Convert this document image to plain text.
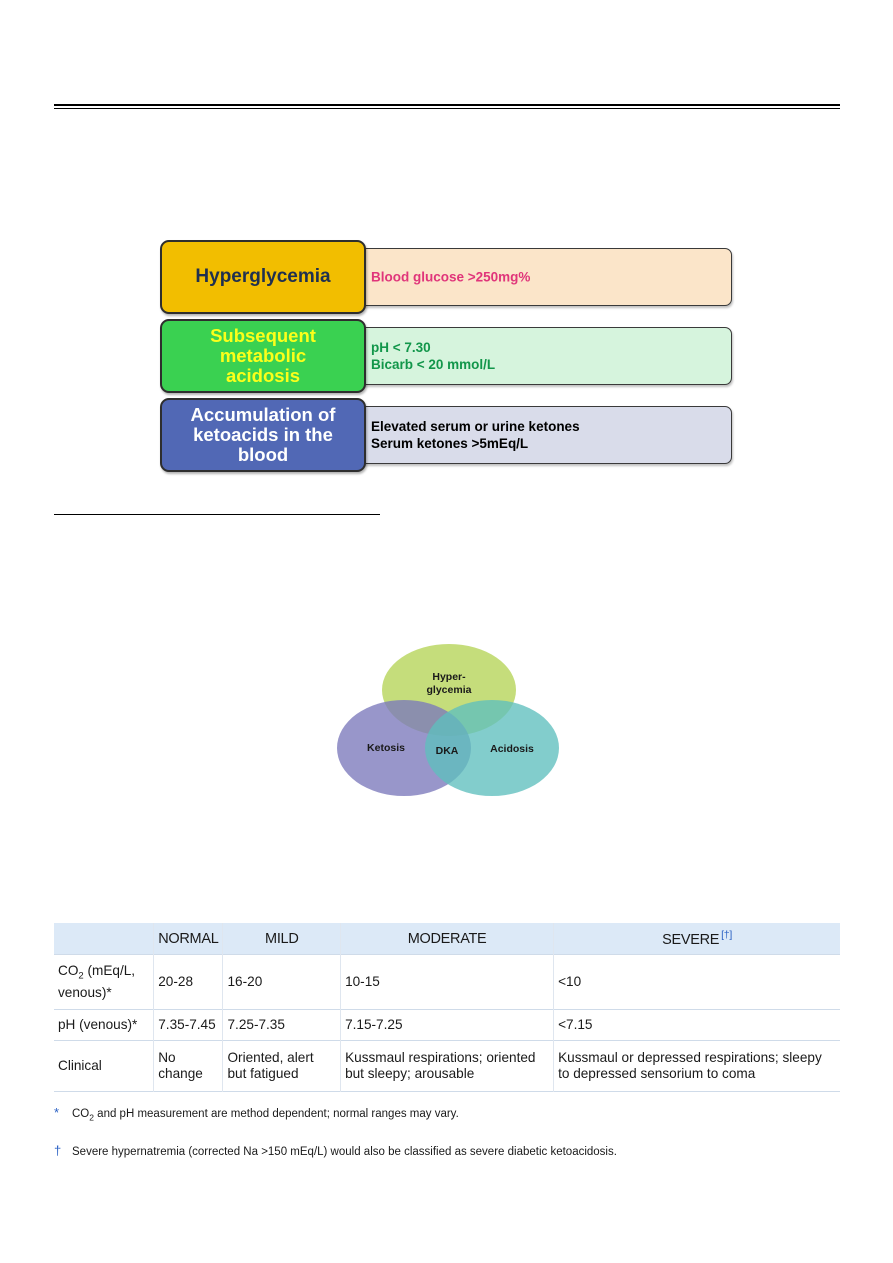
• Blood glucose >250mg%
Hyperglycemia
• pH < 7.30
• Bicarb < 20 mmol/L
Subsequent metabolic acidosis
• Elevated serum or urine ketones
• Serum ketones >5mEq/L
Accumulation of ketoacids in the blood
Hyper-
glycemia
Ketosis	Acidosis
DKA
	NORMAL	MILD	MODERATE	SEVERE [†]
$CO_2$ (mEq/L, venous)*	20-28	16-20	10-15	<10
pH (venous)*	7.35-7.45	7.25-7.35	7.15-7.25	<7.15
Clinical	No change	Oriented, alert but fatigued	Kussmaul respirations; oriented but sleepy; arousable	Kussmaul or depressed respirations; sleepy to depressed sensorium to coma
* $CO_2$ and pH measurement are method dependent; normal ranges may vary.
† Severe hypernatremia (corrected Na >150 mEq/L) would also be classified as severe diabetic ketoacidosis.
